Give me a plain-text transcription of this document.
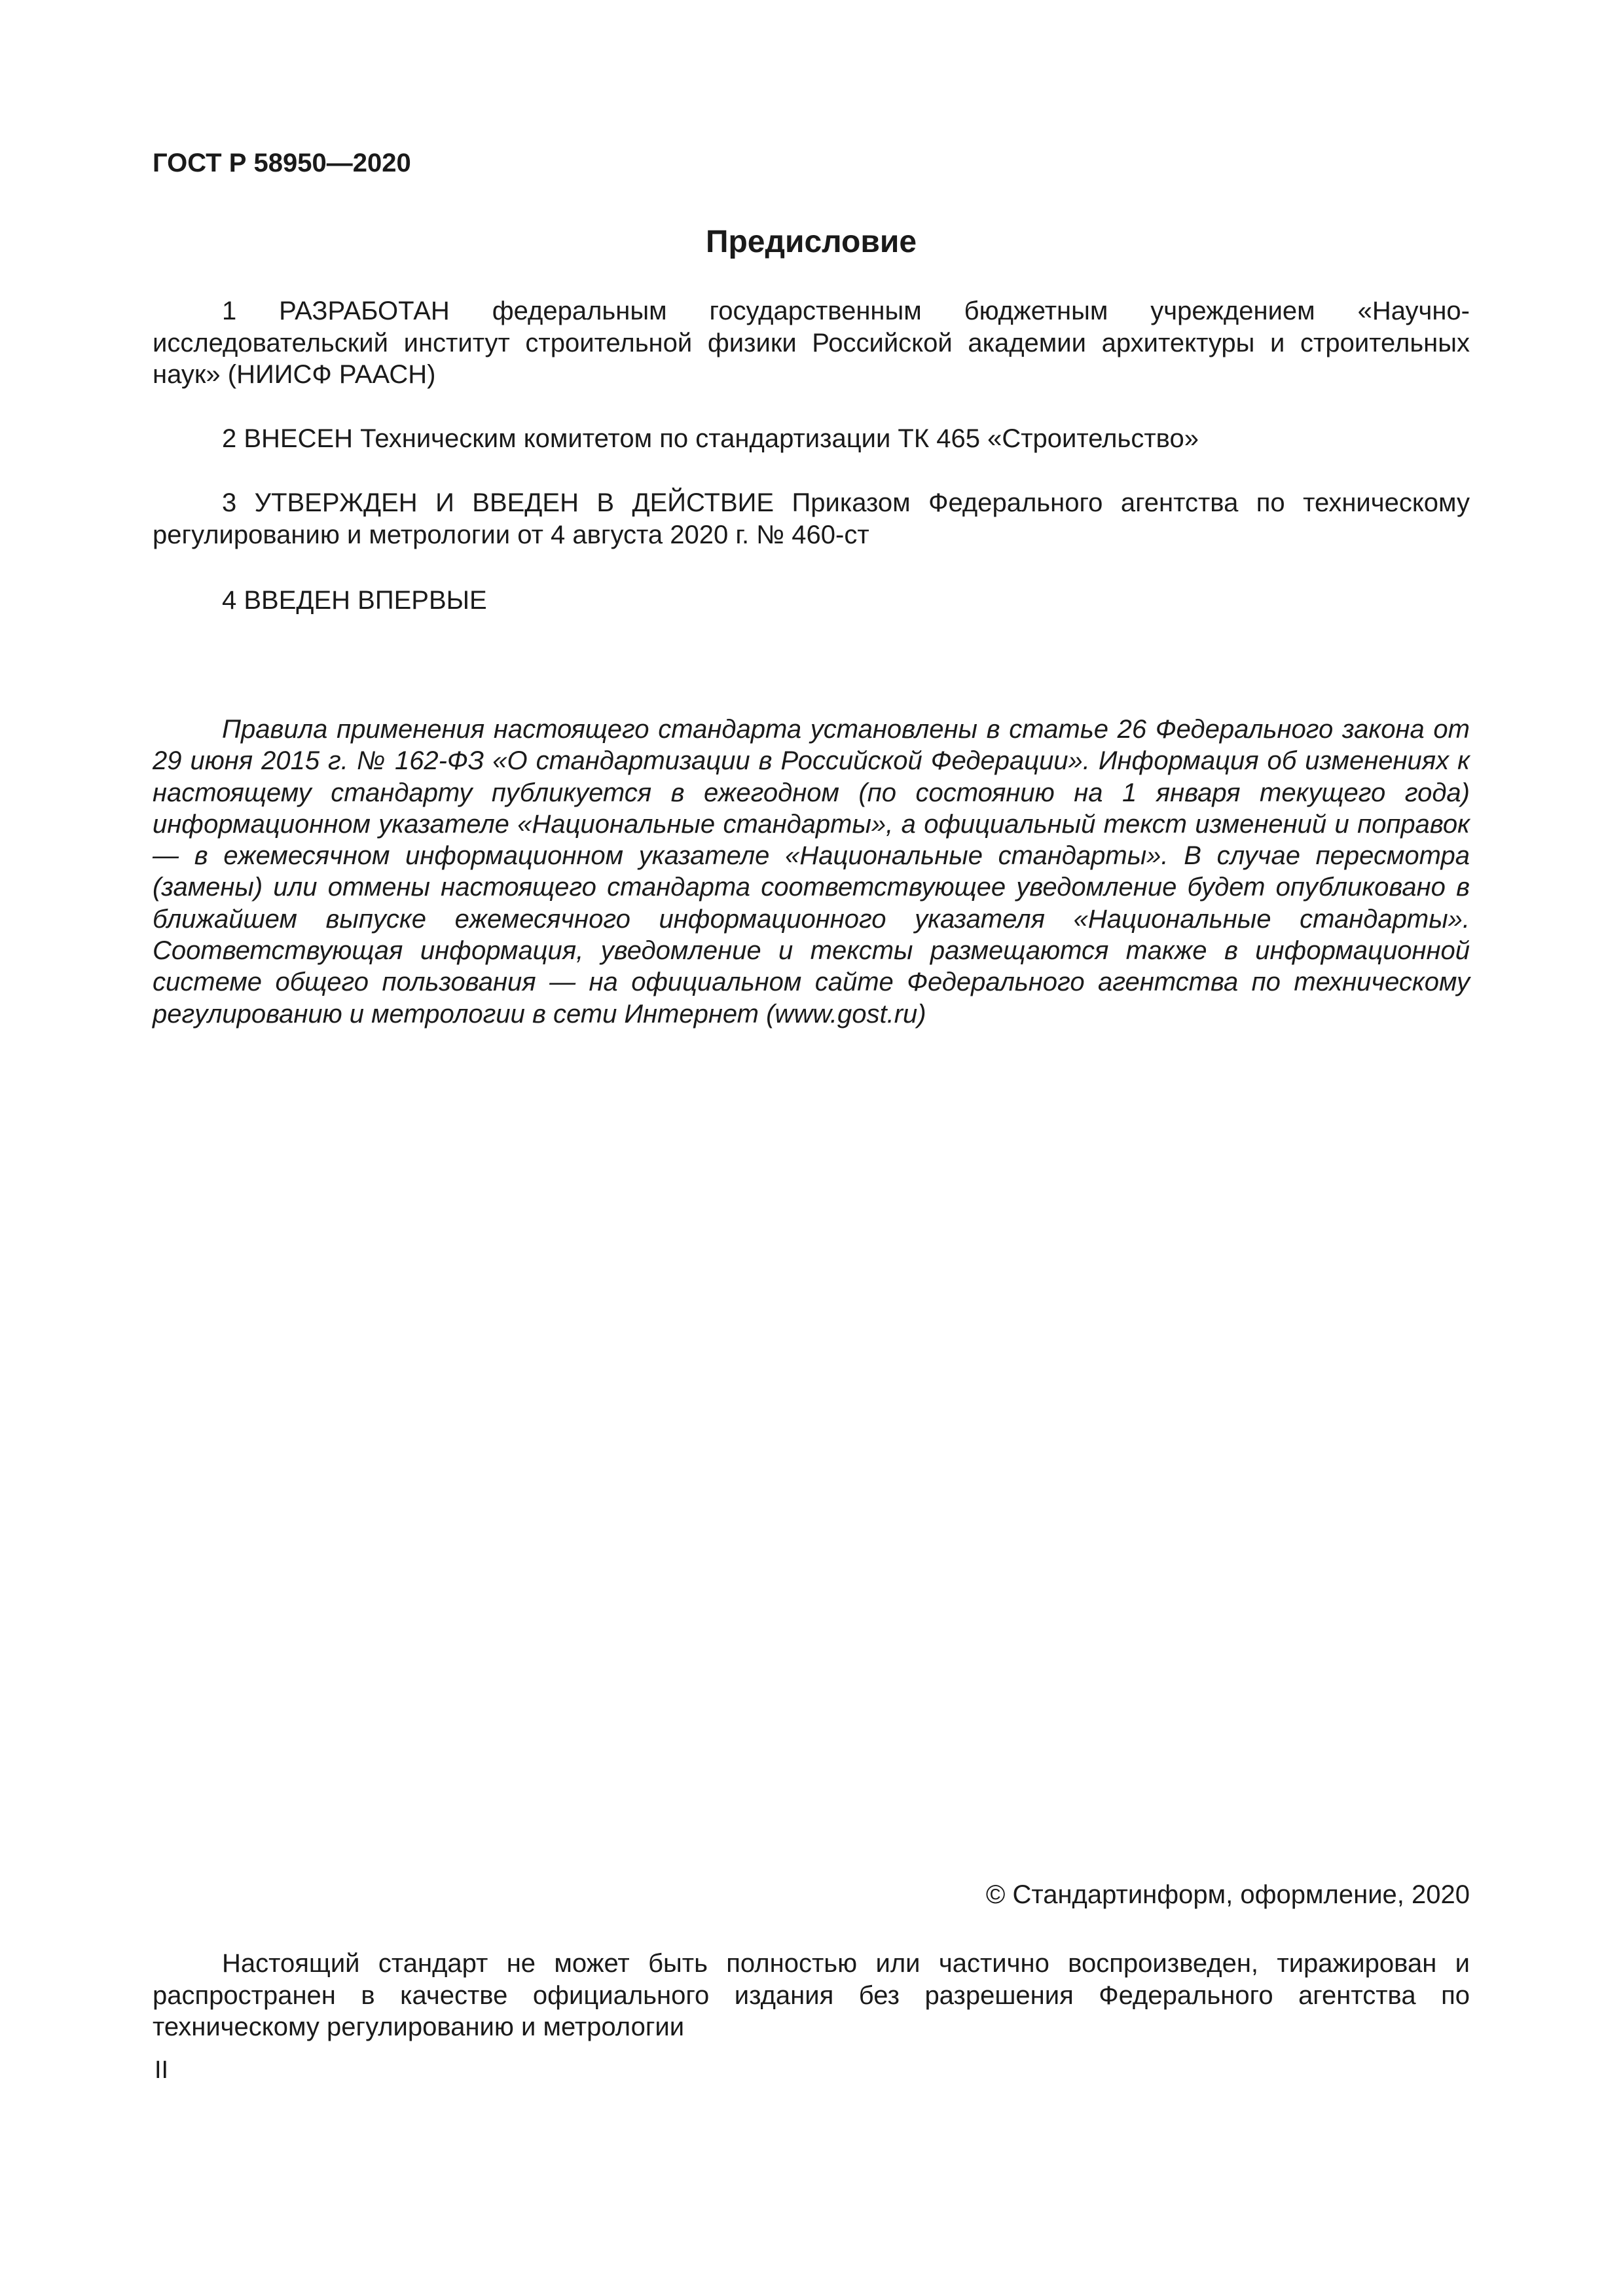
ГОСТ Р 58950—2020

Предисловие

1 РАЗРАБОТАН федеральным государственным бюджетным учреждением «Научно-исследовательский институт строительной физики Российской академии архитектуры и строительных наук» (НИИСФ РААСН)

2 ВНЕСЕН Техническим комитетом по стандартизации ТК 465 «Строительство»

3 УТВЕРЖДЕН И ВВЕДЕН В ДЕЙСТВИЕ Приказом Федерального агентства по техническому регулированию и метрологии от 4 августа 2020 г. № 460-ст

4 ВВЕДЕН ВПЕРВЫЕ

Правила применения настоящего стандарта установлены в статье 26 Федерального закона от 29 июня 2015 г. № 162-ФЗ «О стандартизации в Российской Федерации». Информация об изменениях к настоящему стандарту публикуется в ежегодном (по состоянию на 1 января текущего года) информационном указателе «Национальные стандарты», а официальный текст изменений и поправок — в ежемесячном информационном указателе «Национальные стандарты». В случае пересмотра (замены) или отмены настоящего стандарта соответствующее уведомление будет опубликовано в ближайшем выпуске ежемесячного информационного указателя «Национальные стандарты». Соответствующая информация, уведомление и тексты размещаются также в информационной системе общего пользования — на официальном сайте Федерального агентства по техническому регулированию и метрологии в сети Интернет (www.gost.ru)

© Стандартинформ, оформление, 2020

Настоящий стандарт не может быть полностью или частично воспроизведен, тиражирован и распространен в качестве официального издания без разрешения Федерального агентства по техническому регулированию и метрологии

II
